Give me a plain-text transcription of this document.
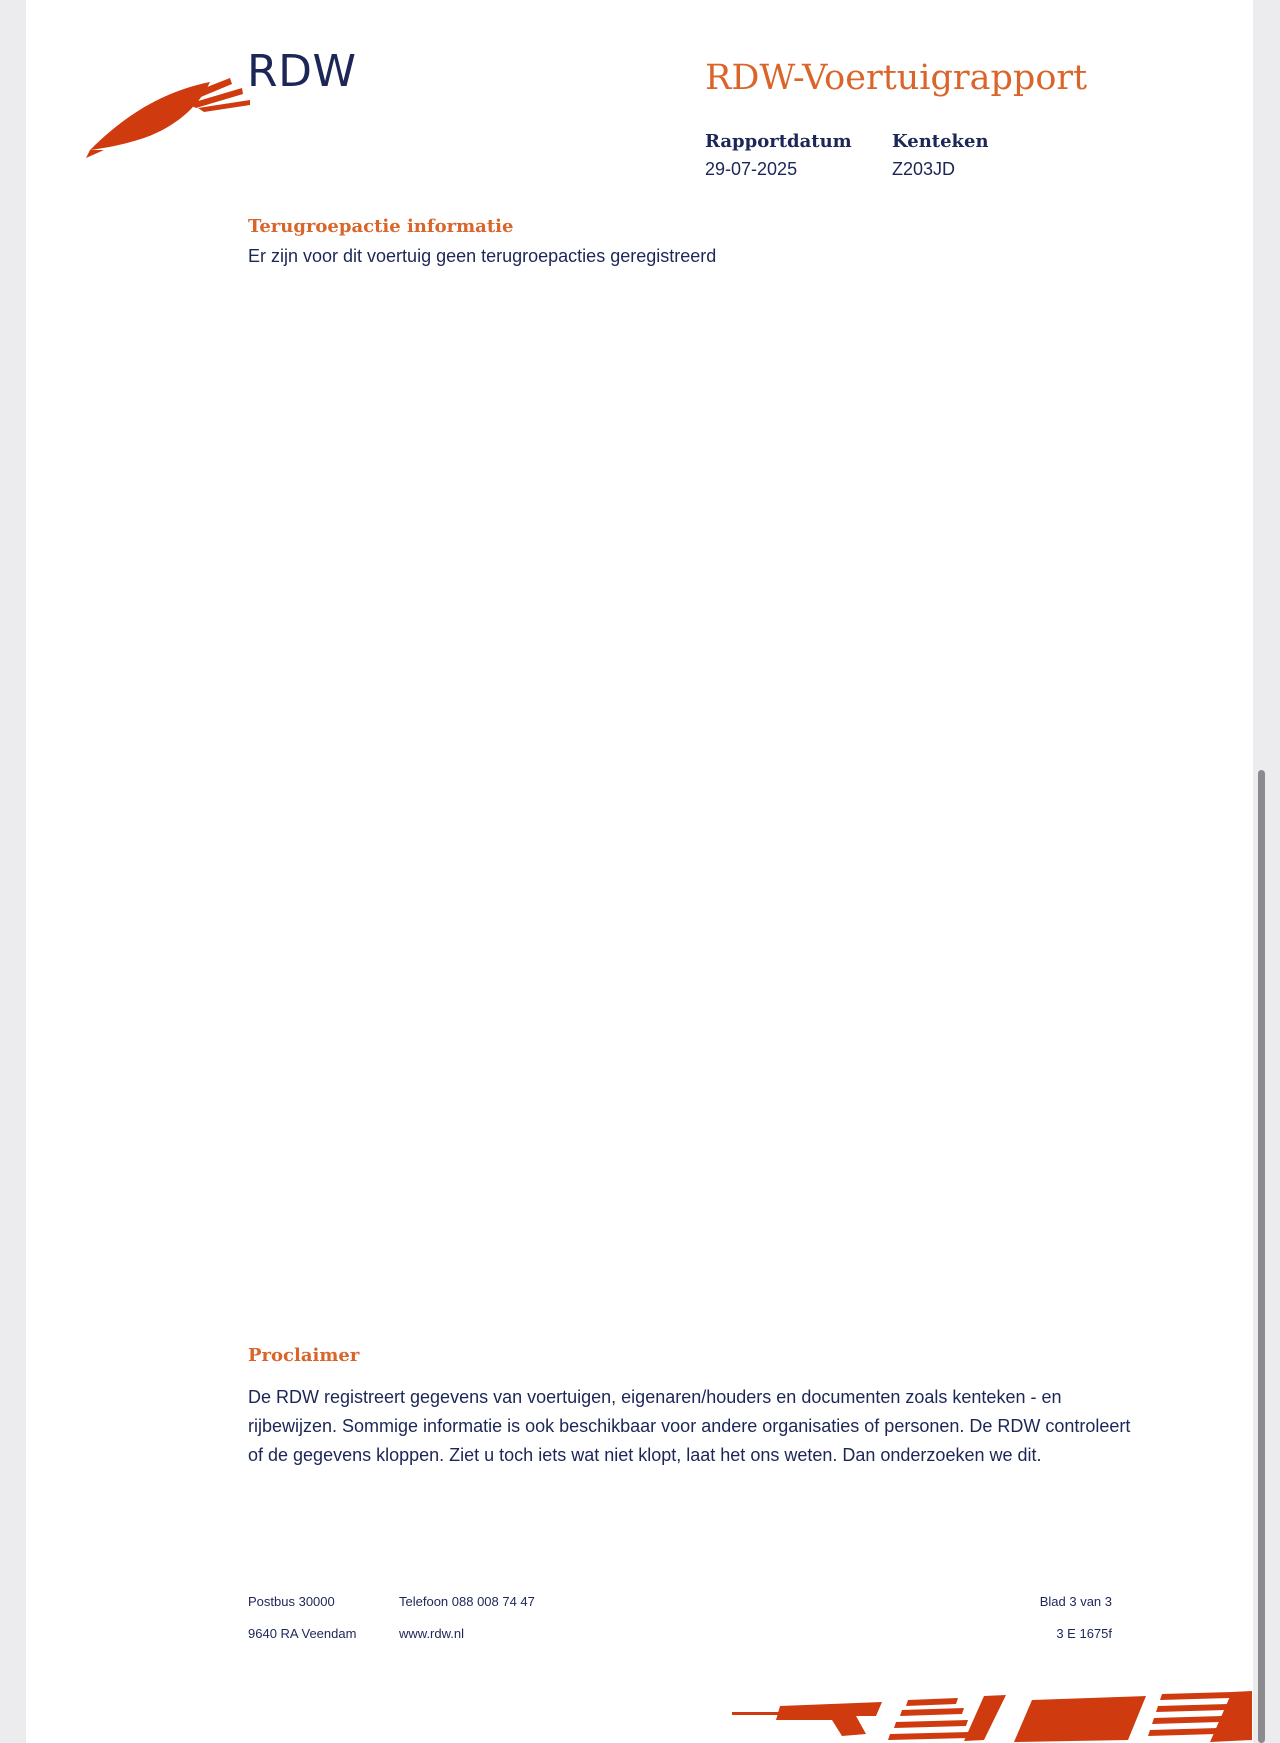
RDW	RDW-Voertuigrapport
Rapportdatum
29-07-2025
Kenteken
Z203JD
Terugroepactie informatie
Er zijn voor dit voertuig geen terugroepacties geregistreerd
Proclaimer
De RDW registreert gegevens van voertuigen, eigenaren/houders en documenten zoals kenteken - en rijbewijzen. Sommige informatie is ook beschikbaar voor andere organisaties of personen. De RDW controleert of de gegevens kloppen. Ziet u toch iets wat niet klopt, laat het ons weten. Dan onderzoeken we dit.
Postbus 30000
9640 RA Veendam
Telefoon 088 008 74 47
www.rdw.nl
Blad 3 van 3
3 E 1675f
